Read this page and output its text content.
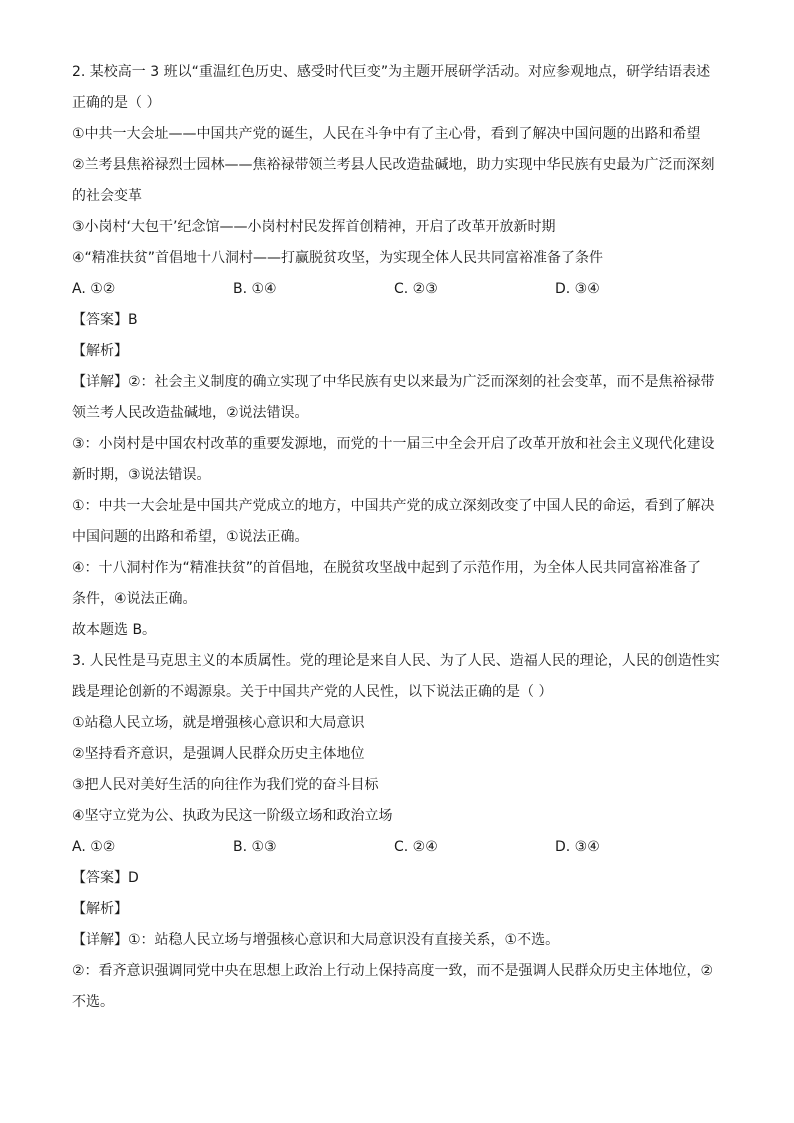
2. 某校高一 3 班以“重温红色历史、感受时代巨变”为主题开展研学活动。对应参观地点，研学结语表述
正确的是（ ）
①中共一大会址——中国共产党的诞生，人民在斗争中有了主心骨，看到了解决中国问题的出路和希望
②兰考县焦裕禄烈士园林——焦裕禄带领兰考县人民改造盐碱地，助力实现中华民族有史最为广泛而深刻
的社会变革
③小岗村‘大包干’纪念馆——小岗村村民发挥首创精神，开启了改革开放新时期
④“精准扶贫”首倡地十八洞村——打赢脱贫攻坚，为实现全体人民共同富裕准备了条件
A. ①②	B. ①④	C. ②③	D. ③④
【答案】B
【解析】
【详解】②：社会主义制度的确立实现了中华民族有史以来最为广泛而深刻的社会变革，而不是焦裕禄带
领兰考人民改造盐碱地，②说法错误。
③：小岗村是中国农村改革的重要发源地，而党的十一届三中全会开启了改革开放和社会主义现代化建设
新时期，③说法错误。
①：中共一大会址是中国共产党成立的地方，中国共产党的成立深刻改变了中国人民的命运，看到了解决
中国问题的出路和希望，①说法正确。
④：十八洞村作为“精准扶贫”的首倡地，在脱贫攻坚战中起到了示范作用，为全体人民共同富裕准备了
条件，④说法正确。
故本题选 B。
3. 人民性是马克思主义的本质属性。党的理论是来自人民、为了人民、造福人民的理论，人民的创造性实
践是理论创新的不竭源泉。关于中国共产党的人民性，以下说法正确的是（ ）
①站稳人民立场，就是增强核心意识和大局意识
②坚持看齐意识，是强调人民群众历史主体地位
③把人民对美好生活的向往作为我们党的奋斗目标
④坚守立党为公、执政为民这一阶级立场和政治立场
A. ①②	B. ①③	C. ②④	D. ③④
【答案】D
【解析】
【详解】①：站稳人民立场与增强核心意识和大局意识没有直接关系，①不选。
②：看齐意识强调同党中央在思想上政治上行动上保持高度一致，而不是强调人民群众历史主体地位，②
不选。
